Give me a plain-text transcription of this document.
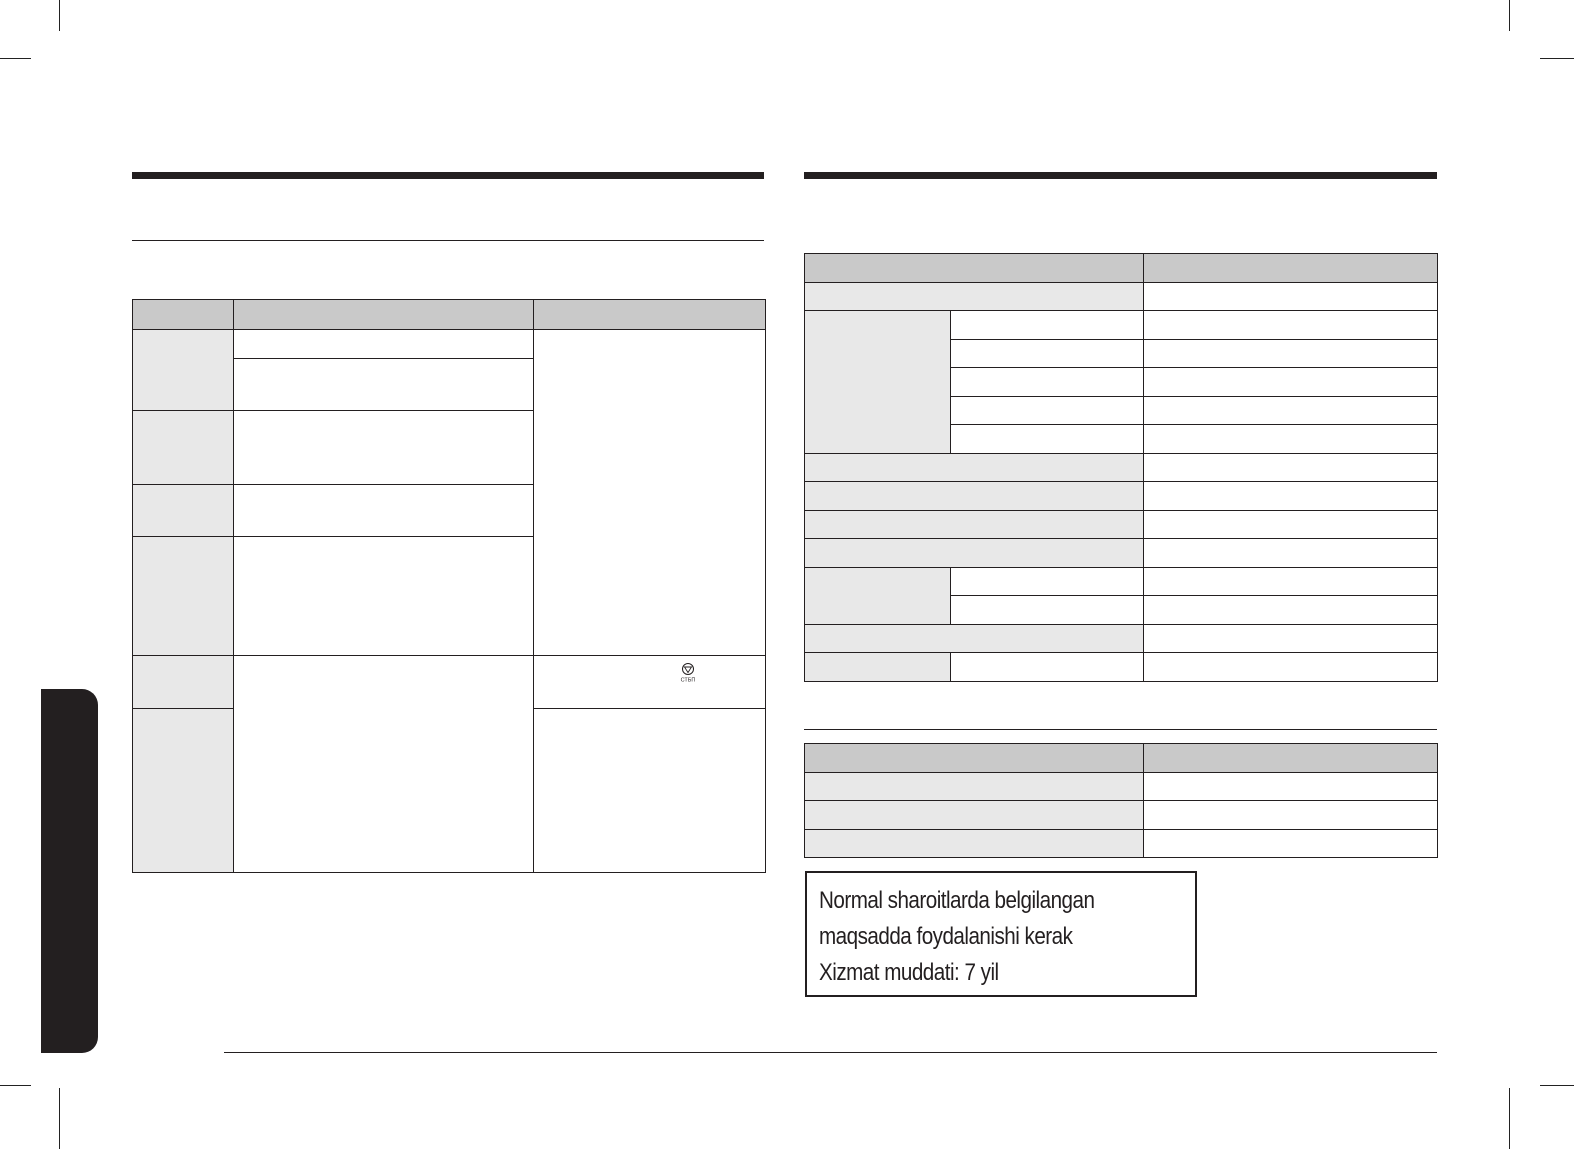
СТБП

Normal sharoitlarda belgilangan
maqsadda foydalanishi kerak
Xizmat muddati: 7 yil
